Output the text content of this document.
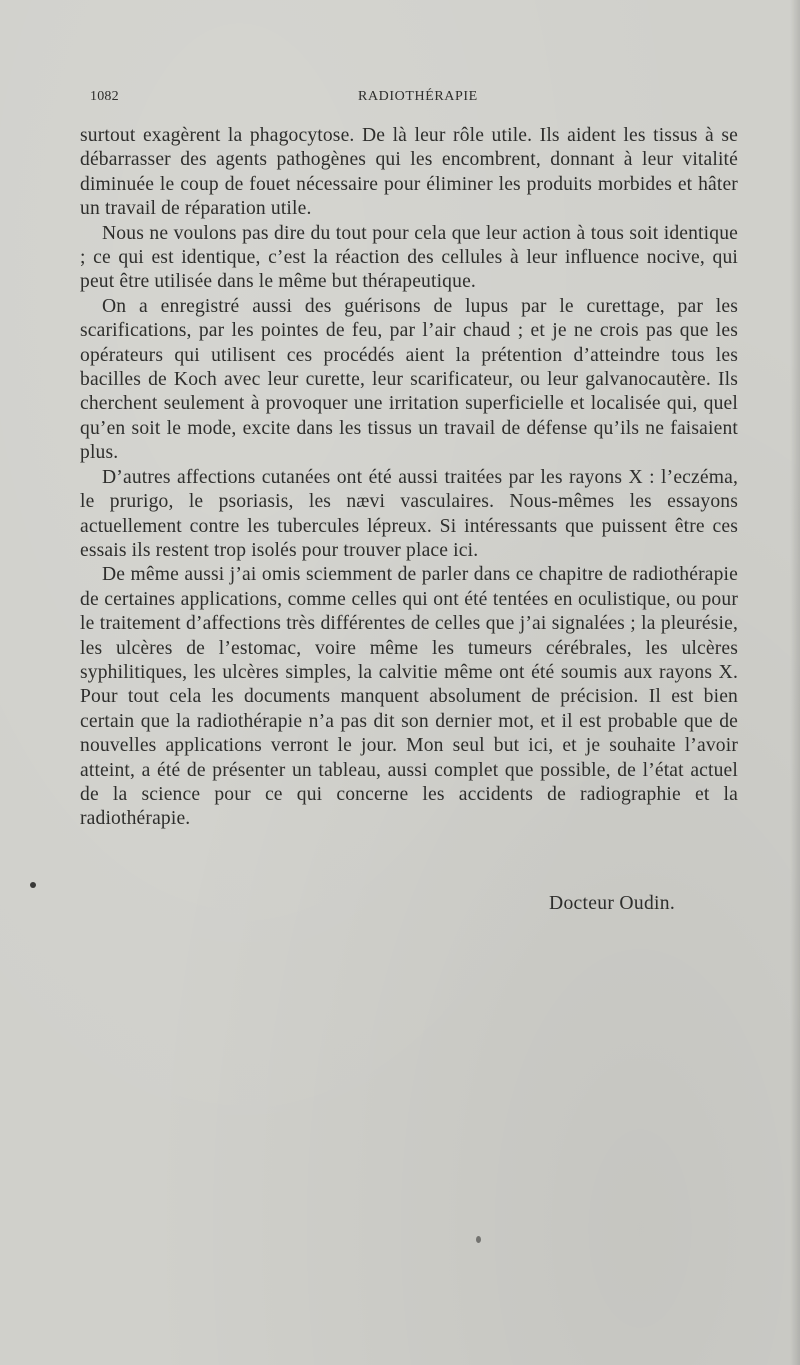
1082	RADIOTHÉRAPIE

surtout exagèrent la phagocytose. De là leur rôle utile. Ils aident les tissus à se débarrasser des agents pathogènes qui les encombrent, donnant à leur vitalité diminuée le coup de fouet nécessaire pour éliminer les produits morbides et hâter un travail de réparation utile.

Nous ne voulons pas dire du tout pour cela que leur action à tous soit identique ; ce qui est identique, c’est la réaction des cellules à leur influence nocive, qui peut être utilisée dans le même but thérapeutique.

On a enregistré aussi des guérisons de lupus par le curettage, par les scarifications, par les pointes de feu, par l’air chaud ; et je ne crois pas que les opérateurs qui utilisent ces procédés aient la prétention d’atteindre tous les bacilles de Koch avec leur curette, leur scarificateur, ou leur galvanocautère. Ils cherchent seulement à provoquer une irritation superficielle et localisée qui, quel qu’en soit le mode, excite dans les tissus un travail de défense qu’ils ne faisaient plus.

D’autres affections cutanées ont été aussi traitées par les rayons X : l’eczéma, le prurigo, le psoriasis, les nævi vasculaires. Nous-mêmes les essayons actuellement contre les tubercules lépreux. Si intéressants que puissent être ces essais ils restent trop isolés pour trouver place ici.

De même aussi j’ai omis sciemment de parler dans ce chapitre de radiothérapie de certaines applications, comme celles qui ont été tentées en oculistique, ou pour le traitement d’affections très différentes de celles que j’ai signalées ; la pleurésie, les ulcères de l’estomac, voire même les tumeurs cérébrales, les ulcères syphilitiques, les ulcères simples, la calvitie même ont été soumis aux rayons X. Pour tout cela les documents manquent absolument de précision. Il est bien certain que la radiothérapie n’a pas dit son dernier mot, et il est probable que de nouvelles applications verront le jour. Mon seul but ici, et je souhaite l’avoir atteint, a été de présenter un tableau, aussi complet que possible, de l’état actuel de la science pour ce qui concerne les accidents de radiographie et la radiothérapie.

Docteur Oudin.
